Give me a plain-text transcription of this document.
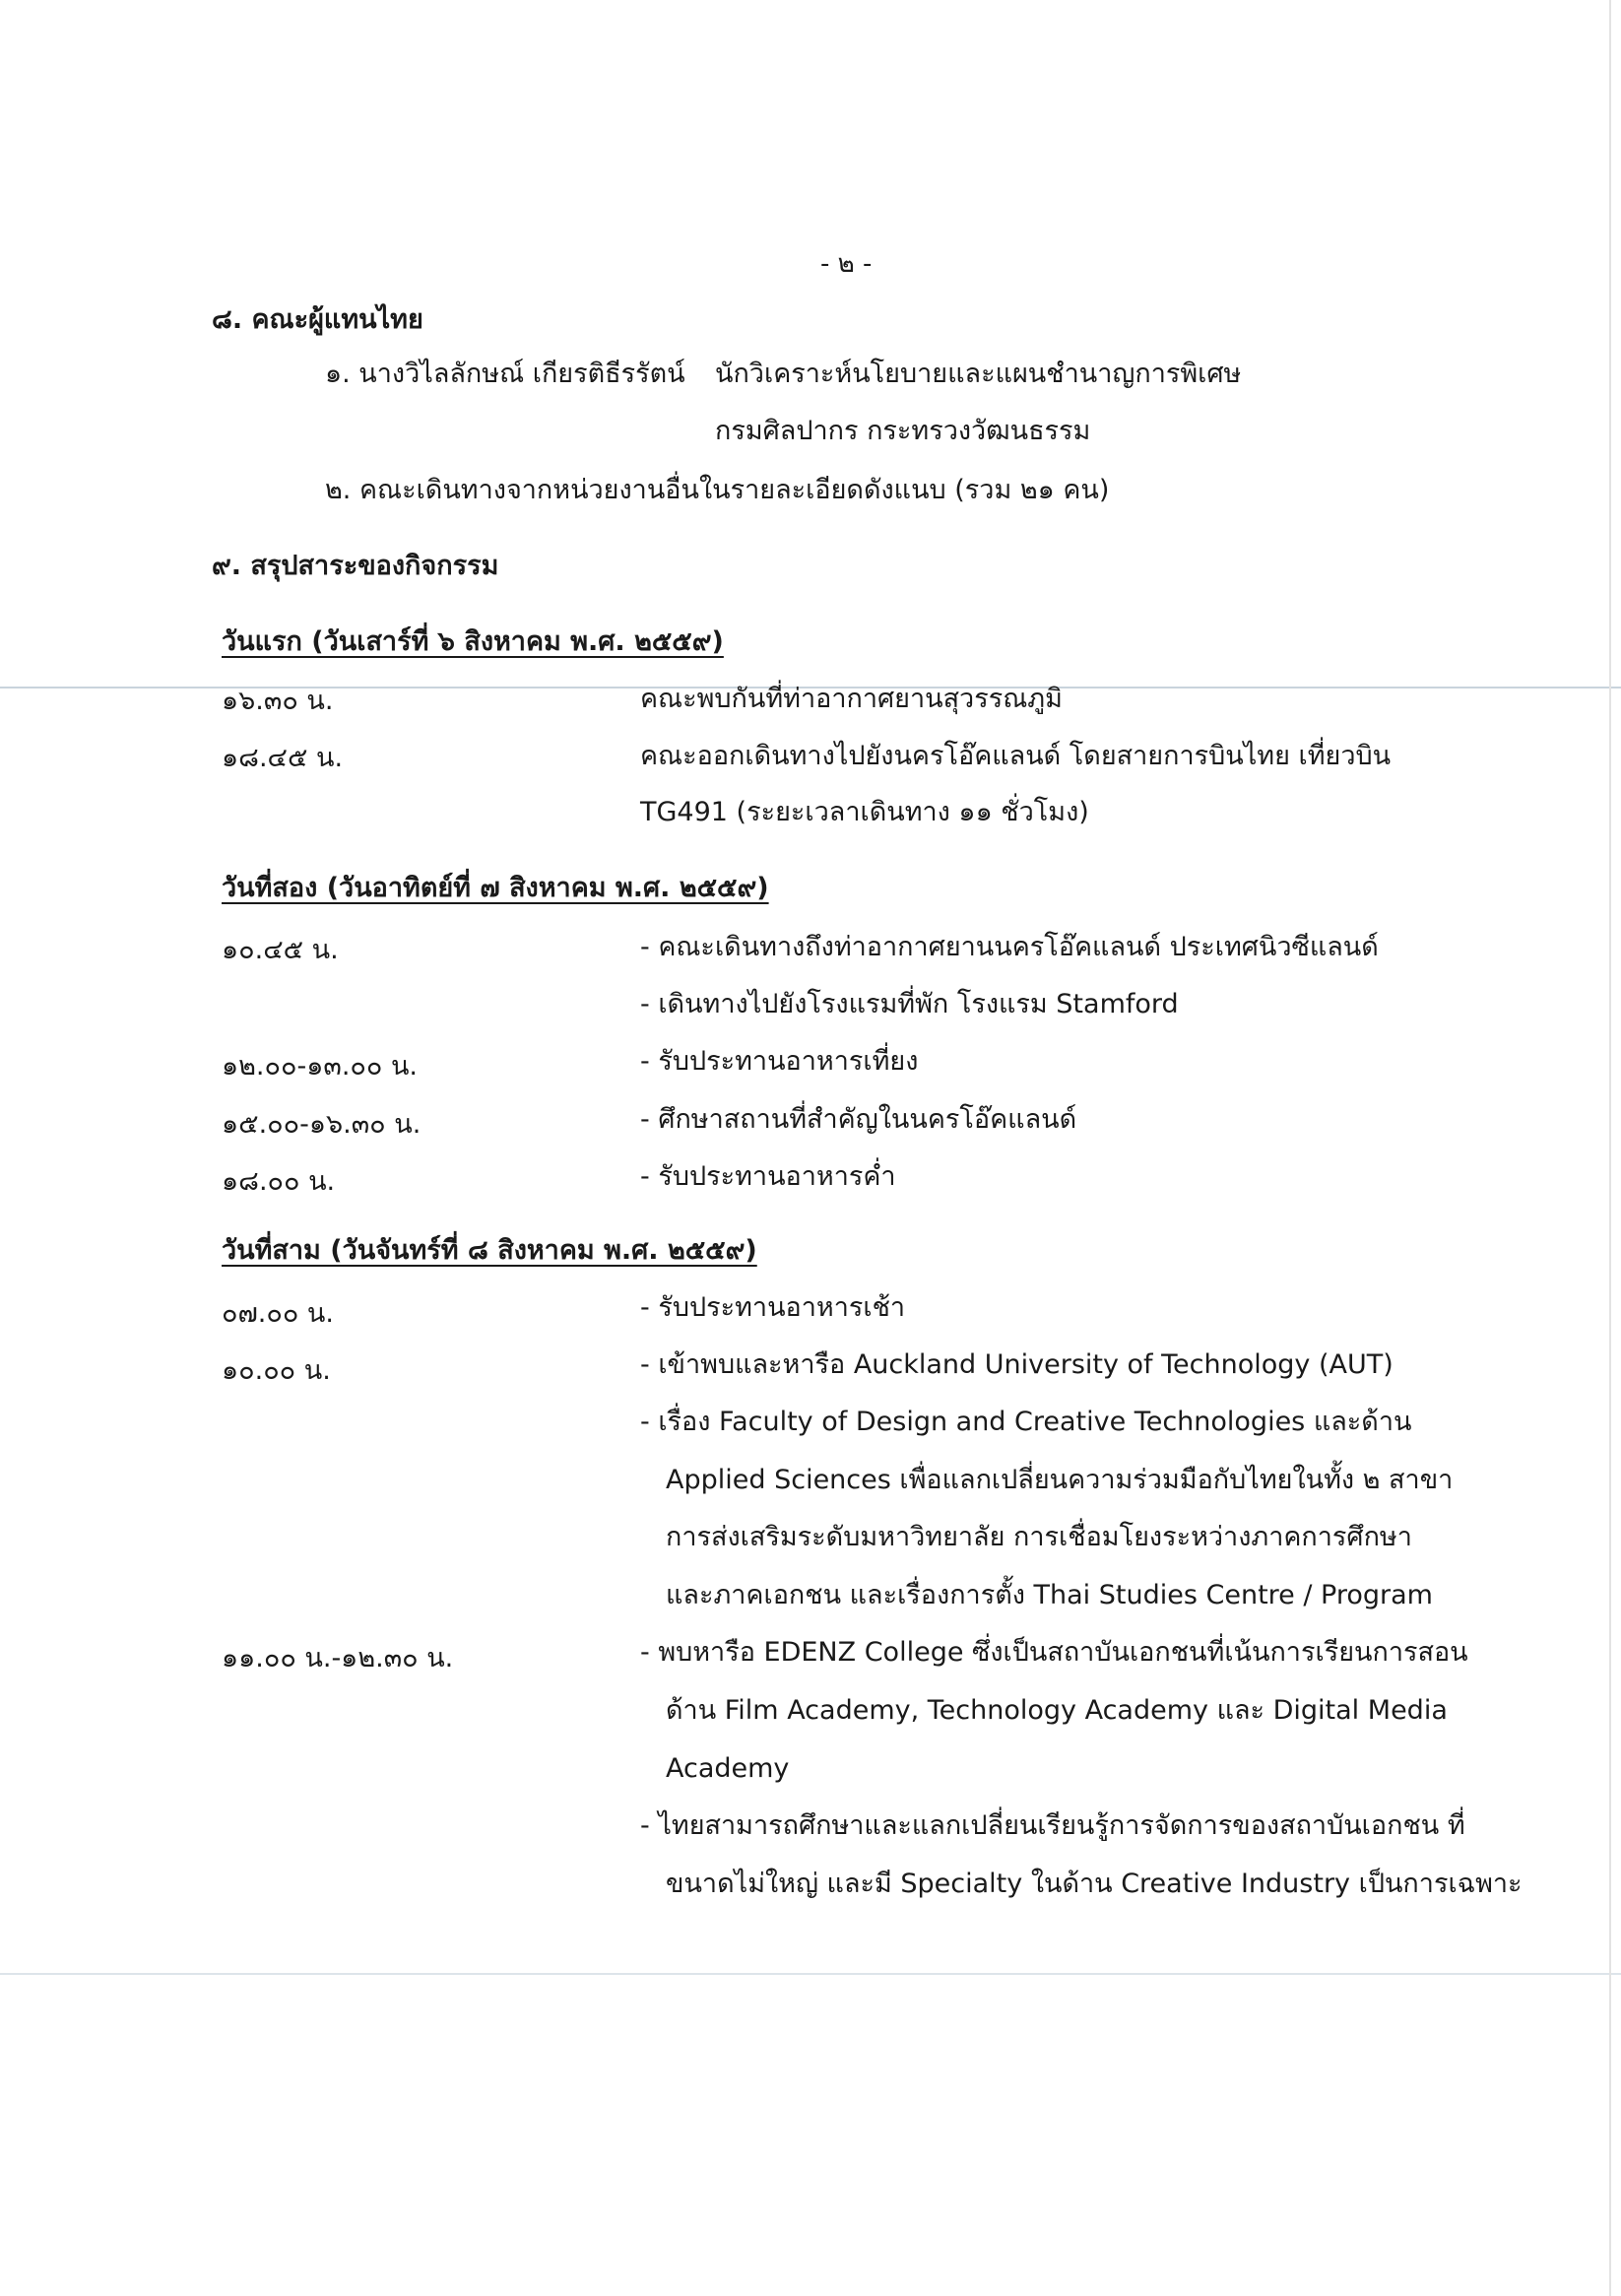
- ๒ -
๘. คณะผู้แทนไทย
๑. นางวิไลลักษณ์ เกียรติธีรรัตน์ นักวิเคราะห์นโยบายและแผนชำนาญการพิเศษ
กรมศิลปากร กระทรวงวัฒนธรรม
๒. คณะเดินทางจากหน่วยงานอื่นในรายละเอียดดังแนบ (รวม ๒๑ คน)
๙. สรุปสาระของกิจกรรม
วันแรก (วันเสาร์ที่ ๖ สิงหาคม พ.ศ. ๒๕๕๙)
๑๖.๓๐ น.	คณะพบกันที่ท่าอากาศยานสุวรรณภูมิ
๑๘.๔๕ น.	คณะออกเดินทางไปยังนครโอ๊คแลนด์ โดยสายการบินไทย เที่ยวบิน
TG491 (ระยะเวลาเดินทาง ๑๑ ชั่วโมง)
วันที่สอง (วันอาทิตย์ที่ ๗ สิงหาคม พ.ศ. ๒๕๕๙)
๑๐.๔๕ น.	- คณะเดินทางถึงท่าอากาศยานนครโอ๊คแลนด์ ประเทศนิวซีแลนด์
- เดินทางไปยังโรงแรมที่พัก โรงแรม Stamford
๑๒.๐๐-๑๓.๐๐ น.	- รับประทานอาหารเที่ยง
๑๕.๐๐-๑๖.๓๐ น.	- ศึกษาสถานที่สำคัญในนครโอ๊คแลนด์
๑๘.๐๐ น.	- รับประทานอาหารค่ำ
วันที่สาม (วันจันทร์ที่ ๘ สิงหาคม พ.ศ. ๒๕๕๙)
๐๗.๐๐ น.	- รับประทานอาหารเช้า
๑๐.๐๐ น.	- เข้าพบและหารือ Auckland University of Technology (AUT)
- เรื่อง Faculty of Design and Creative Technologies และด้าน
Applied Sciences เพื่อแลกเปลี่ยนความร่วมมือกับไทยในทั้ง ๒ สาขา
การส่งเสริมระดับมหาวิทยาลัย การเชื่อมโยงระหว่างภาคการศึกษา
และภาคเอกชน และเรื่องการตั้ง Thai Studies Centre / Program
๑๑.๐๐ น.-๑๒.๓๐ น.	- พบหารือ EDENZ College ซึ่งเป็นสถาบันเอกชนที่เน้นการเรียนการสอน
ด้าน Film Academy, Technology Academy และ Digital Media
Academy
- ไทยสามารถศึกษาและแลกเปลี่ยนเรียนรู้การจัดการของสถาบันเอกชน ที่
ขนาดไม่ใหญ่ และมี Specialty ในด้าน Creative Industry เป็นการเฉพาะ
